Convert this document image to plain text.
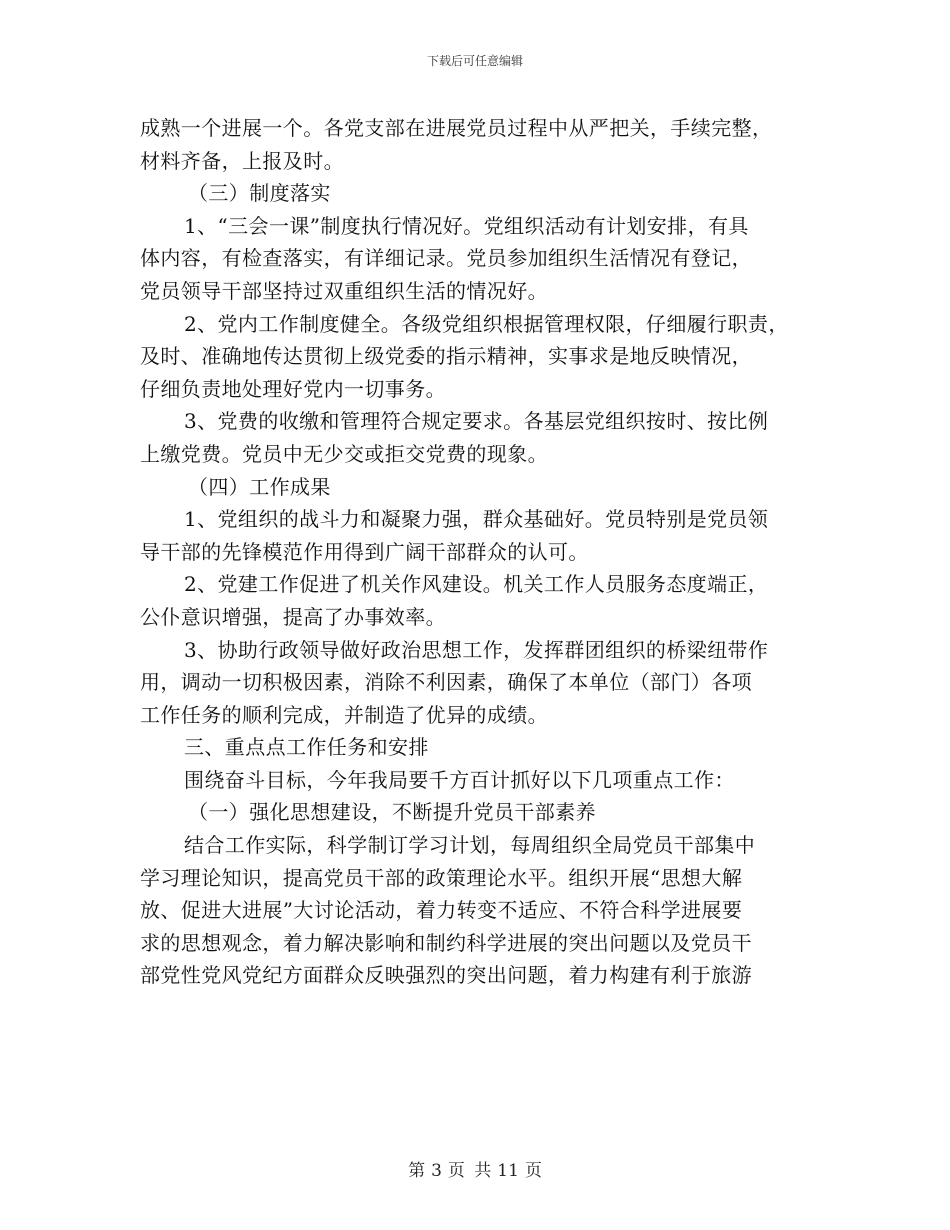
下载后可任意编辑
成熟一个进展一个。各党支部在进展党员过程中从严把关，手续完整，
材料齐备，上报及时。
（三）制度落实
1、“三会一课”制度执行情况好。党组织活动有计划安排，有具
体内容，有检查落实，有详细记录。党员参加组织生活情况有登记，
党员领导干部坚持过双重组织生活的情况好。
2、党内工作制度健全。各级党组织根据管理权限，仔细履行职责，
及时、准确地传达贯彻上级党委的指示精神，实事求是地反映情况，
仔细负责地处理好党内一切事务。
3、党费的收缴和管理符合规定要求。各基层党组织按时、按比例
上缴党费。党员中无少交或拒交党费的现象。
（四）工作成果
1、党组织的战斗力和凝聚力强，群众基础好。党员特别是党员领
导干部的先锋模范作用得到广阔干部群众的认可。
2、党建工作促进了机关作风建设。机关工作人员服务态度端正，
公仆意识增强，提高了办事效率。
3、协助行政领导做好政治思想工作，发挥群团组织的桥梁纽带作
用，调动一切积极因素，消除不利因素，确保了本单位（部门）各项
工作任务的顺利完成，并制造了优异的成绩。
三、重点点工作任务和安排
围绕奋斗目标，今年我局要千方百计抓好以下几项重点工作：
（一）强化思想建设，不断提升党员干部素养
结合工作实际，科学制订学习计划，每周组织全局党员干部集中
学习理论知识，提高党员干部的政策理论水平。组织开展“思想大解
放、促进大进展”大讨论活动，着力转变不适应、不符合科学进展要
求的思想观念，着力解决影响和制约科学进展的突出问题以及党员干
部党性党风党纪方面群众反映强烈的突出问题，着力构建有利于旅游
第 3 页 共 11 页
